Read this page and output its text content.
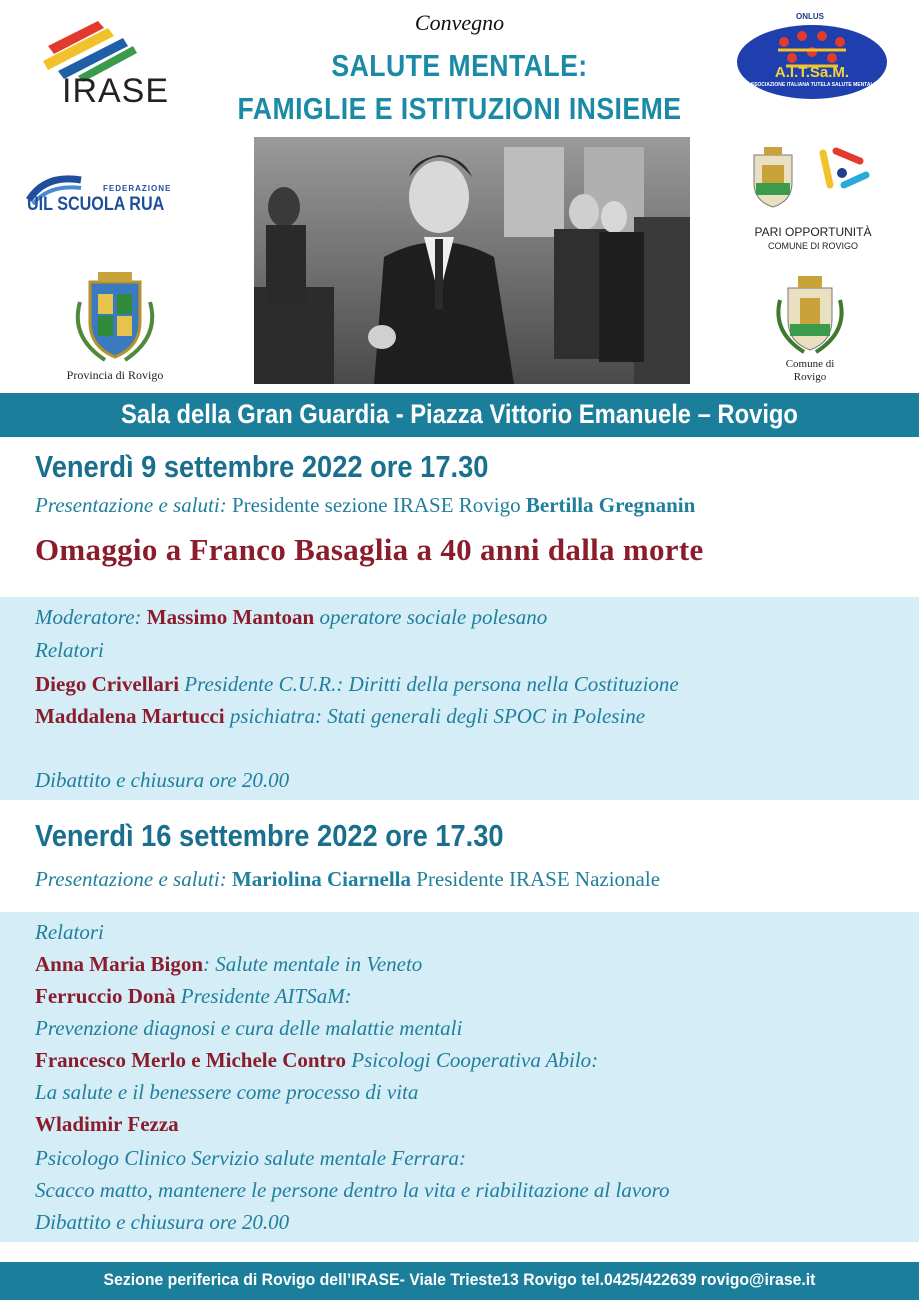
Convegno
SALUTE MENTALE:
FAMIGLIE E ISTITUZIONI INSIEME
IRASE
FEDERAZIONE
UIL SCUOLA RUA
Provincia di Rovigo
ONLUS
A.I.T.Sa.M.
ASSOCIAZIONE ITALIANA TUTELA SALUTE MENTALE
PARI OPPORTUNITÀ
COMUNE DI ROVIGO
Comune di
Rovigo
Sala della Gran Guardia - Piazza Vittorio Emanuele – Rovigo
Venerdì 9 settembre 2022 ore 17.30
Presentazione e saluti: Presidente sezione IRASE Rovigo Bertilla Gregnanin
Omaggio a Franco Basaglia a 40 anni dalla morte
Moderatore: Massimo Mantoan operatore sociale polesano
Relatori
Diego Crivellari Presidente C.U.R.: Diritti della persona nella Costituzione
Maddalena Martucci psichiatra: Stati generali degli SPOC in Polesine
Dibattito e chiusura ore 20.00
Venerdì 16 settembre 2022 ore 17.30
Presentazione e saluti: Mariolina Ciarnella Presidente IRASE Nazionale
Relatori
Anna Maria Bigon: Salute mentale in Veneto
Ferruccio Donà Presidente AITSaM:
Prevenzione diagnosi e cura delle malattie mentali
Francesco Merlo e Michele Contro Psicologi Cooperativa Abilo:
La salute e il benessere come processo di vita
Wladimir Fezza
Psicologo Clinico Servizio salute mentale Ferrara:
Scacco matto, mantenere le persone dentro la vita e riabilitazione al lavoro
Dibattito e chiusura ore 20.00
Sezione periferica di Rovigo dell’IRASE- Viale Trieste13 Rovigo tel.0425/422639 rovigo@irase.it
